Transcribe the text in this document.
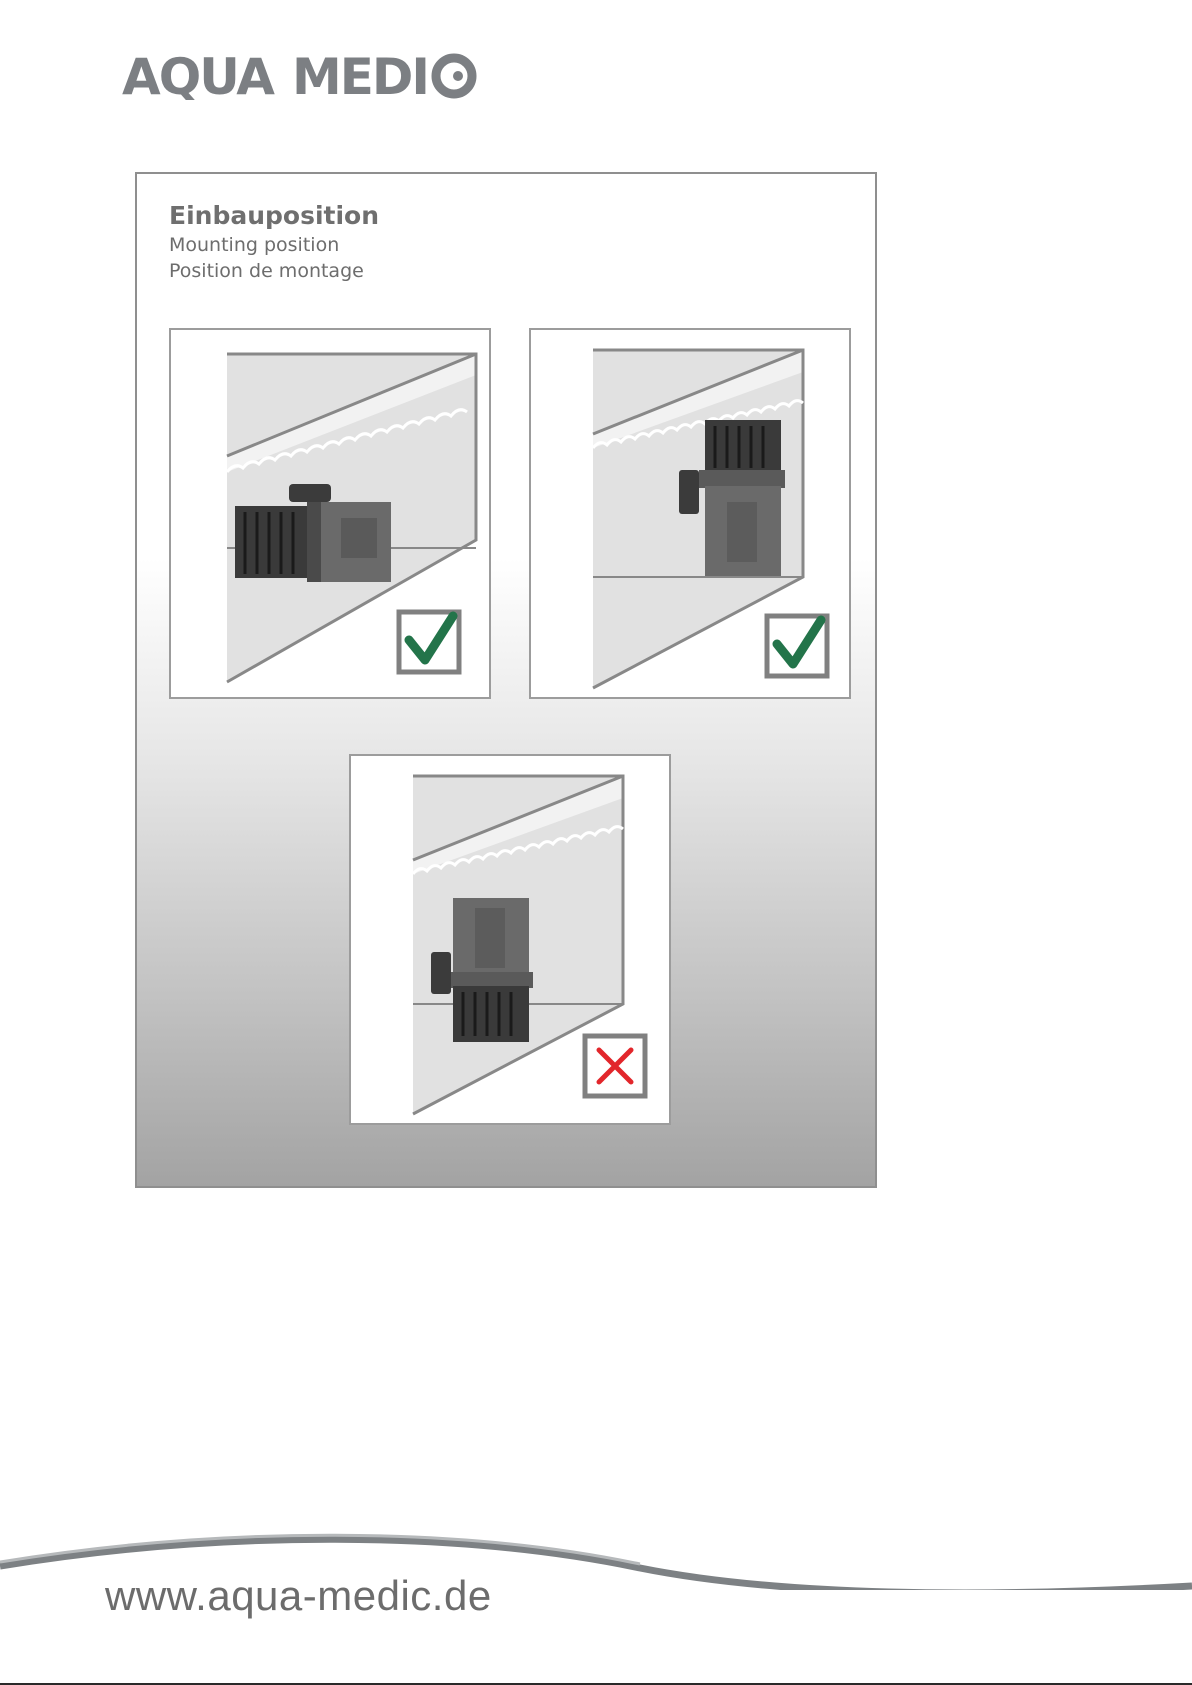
AQUA MEDI
Einbauposition
Mounting position
Position de montage
www.aqua-medic.de
